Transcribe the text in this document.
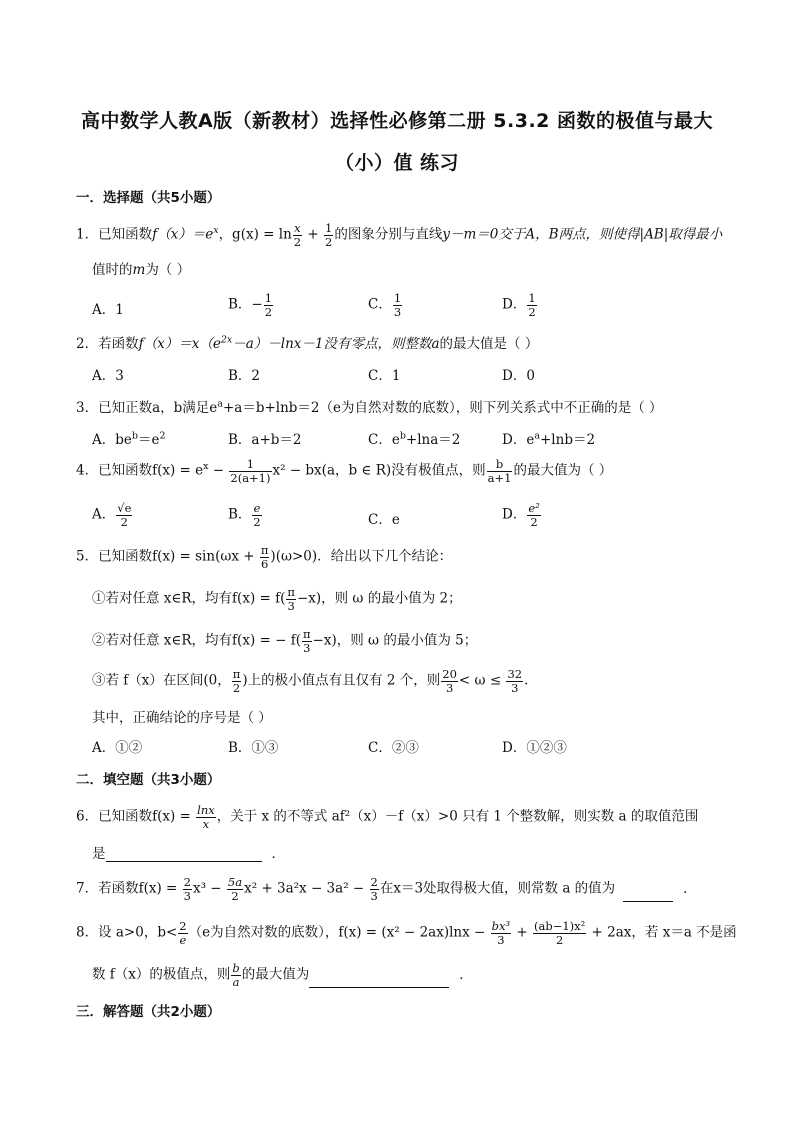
高中数学人教A版（新教材）选择性必修第二册 5.3.2 函数的极值与最大
（小）值 练习
一．选择题（共5小题）
1．已知函数$f(x)=e^x$，$g(x) = \ln \frac{x}{2} + \frac{1}{2}$ 的图象分别与直线y－m＝0交于A，B两点，则使得|AB|取得最小
值时的m为（ ）
A．1	B．− $\frac{1}{2}$	C． $\frac{1}{3}$	D． $\frac{1}{2}$
2．若函数$f(x)=x(e^{2x}-a)-\ln x-1$没有零点，则整数a的最大值是（ ）
A．3	B．2	C．1	D．0
3．已知正数a，b满足$e^a+a=b+\ln b=2(e$为自然对数的底数），则下列关系式中不正确的是（ ）
A．$be^b=e^2$	B．a+b＝2	C．$e^b+\ln a=2$	D．$e^a+\ln b=2$
4．已知函数$f(x) = e^x - \frac{1}{2(a+1)} x^2 - bx(a$，b ∈ R)没有极值点，则 $\frac{b}{a+1}$ 的最大值为（ ）
A． $\frac{√e}{2}$	B． $\frac{e}{2}$	C．e	D． $\frac{\text{e²}}{2}$
5．已知函数$f(x) = \sin(\omega x + \frac{\pi}{6} )(\omega>0)$．给出以下几个结论：
①若对任意 x∈R，均有$f(x) = f( \frac{\pi}{3} -x)$，则 ω 的最小值为 2；
②若对任意 x∈R，均有f(x) = − $f( \frac{\pi}{3} -x)$，则 ω 的最小值为 5；
③若 f（x）在区间(0， $\frac{\pi}{2}$ )上的极小值点有且仅有 2 个，则 $\frac{20}{3} < \omega \le \frac{32}{3}$ .
其中，正确结论的序号是（ ）
A．①②	B．①③	C．②③	D．①②③
二．填空题（共3小题）
6．已知函数$f(x) = \frac{\ln x}{x}$ ，关于 x 的不等式 af²（x）－f（x）>0 只有 1 个整数解，则实数 a 的取值范围
是	．
7．若函数$f(x) = \frac{2}{3} x^3 - \frac{5a}{2} x^2 + 3a^2x - 3a^2 - \frac{2}{3}$ 在x＝3处取得极大值，则常数 a 的值为	．
8．设 a>0，$b< \frac{2}{e} (e$为自然对数的底数），$f(x) = (x^2 - 2ax)\ln x - \frac{\text{bx³}}{3} + \frac{\text{(ab−1)x²}}{2} + 2ax$，若 x＝a 不是函
数 f（x）的极值点，则 $\frac{b}{a}$ 的最大值为	．
三．解答题（共2小题）
